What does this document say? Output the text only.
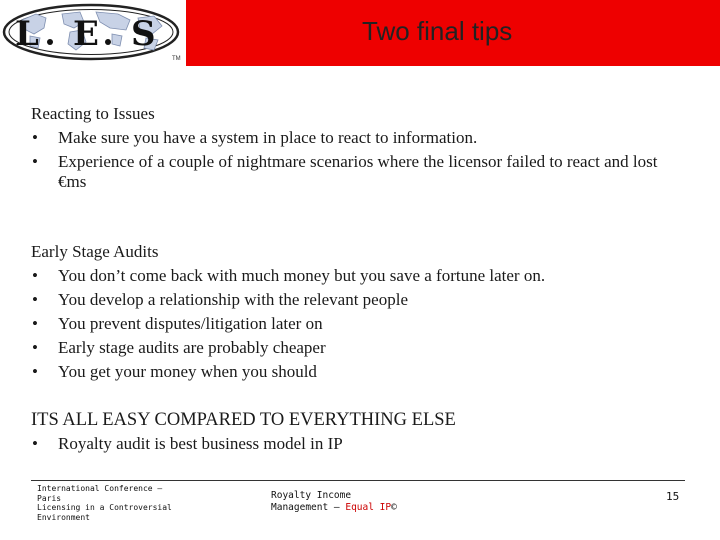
L E S
TM
Two final tips
Reacting to Issues
• Make sure you have a system in place to react to information.
• Experience of a couple of nightmare scenarios where the licensor failed to react and lost €ms
Early Stage Audits
• You don’t come back with much money but you save a fortune later on.
• You develop a relationship with the relevant people
• You prevent disputes/litigation later on
• Early stage audits are probably cheaper
• You get your money when you should
ITS ALL EASY COMPARED TO EVERYTHING ELSE
• Royalty audit is best business model in IP
International Conference –
Paris
Licensing in a Controversial
Environment
Royalty Income
Management – Equal IP©
15
